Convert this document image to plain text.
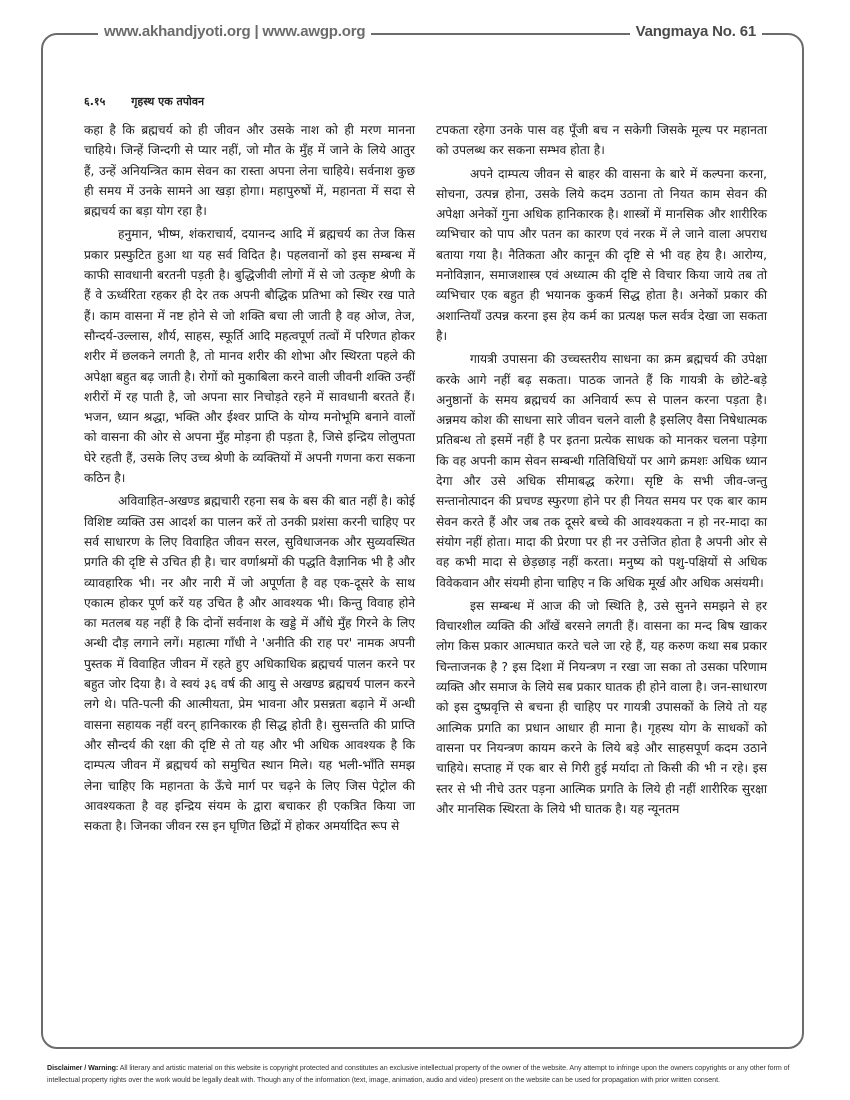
www.akhandjyoti.org | www.awgp.org	Vangmaya No. 61
६.१५ गृहस्थ एक तपोवन

कहा है कि ब्रह्मचर्य को ही जीवन और उसके नाश को ही मरण मानना चाहिये। जिन्हें जिन्दगी से प्यार नहीं, जो मौत के मुँह में जाने के लिये आतुर हैं, उन्हें अनियन्त्रित काम सेवन का रास्ता अपना लेना चाहिये। सर्वनाश कुछ ही समय में उनके सामने आ खड़ा होगा। महापुरुषों में, महानता में सदा से ब्रह्मचर्य का बड़ा योग रहा है।

हनुमान, भीष्म, शंकराचार्य, दयानन्द आदि में ब्रह्मचर्य का तेज किस प्रकार प्रस्फुटित हुआ था यह सर्व विदित है। पहलवानों को इस सम्बन्ध में काफी सावधानी बरतनी पड़ती है। बुद्धिजीवी लोगों में से जो उत्कृष्ट श्रेणी के हैं वे ऊर्ध्वरिता रहकर ही देर तक अपनी बौद्धिक प्रतिभा को स्थिर रख पाते हैं। काम वासना में नष्ट होने से जो शक्ति बचा ली जाती है वह ओज, तेज, सौन्दर्य-उल्लास, शौर्य, साहस, स्फूर्ति आदि महत्वपूर्ण तत्वों में परिणत होकर शरीर में छलकने लगती है, तो मानव शरीर की शोभा और स्थिरता पहले की अपेक्षा बहुत बढ़ जाती है। रोगों को मुकाबिला करने वाली जीवनी शक्ति उन्हीं शरीरों में रह पाती है, जो अपना सार निचोड़ते रहने में सावधानी बरतते हैं। भजन, ध्यान श्रद्धा, भक्ति और ईश्वर प्राप्ति के योग्य मनोभूमि बनाने वालों को वासना की ओर से अपना मुँह मोड़ना ही पड़ता है, जिसे इन्द्रिय लोलुपता घेरे रहती हैं, उसके लिए उच्च श्रेणी के व्यक्तियों में अपनी गणना करा सकना कठिन है।

अविवाहित-अखण्ड ब्रह्मचारी रहना सब के बस की बात नहीं है। कोई विशिष्ट व्यक्ति उस आदर्श का पालन करें तो उनकी प्रशंसा करनी चाहिए पर सर्व साधारण के लिए विवाहित जीवन सरल, सुविधाजनक और सुव्यवस्थित प्रगति की दृष्टि से उचित ही है। चार वर्णाश्रमों की पद्धति वैज्ञानिक भी है और व्यावहारिक भी। नर और नारी में जो अपूर्णता है वह एक-दूसरे के साथ एकात्म होकर पूर्ण करें यह उचित है और आवश्यक भी। किन्तु विवाह होने का मतलब यह नहीं है कि दोनों सर्वनाश के खड्डे में औंधे मुँह गिरने के लिए अन्धी दौड़ लगाने लगें। महात्मा गाँधी ने 'अनीति की राह पर' नामक अपनी पुस्तक में विवाहित जीवन में रहते हुए अधिकाधिक ब्रह्मचर्य पालन करने पर बहुत जोर दिया है। वे स्वयं ३६ वर्ष की आयु से अखण्ड ब्रह्मचर्य पालन करने लगे थे। पति-पत्नी की आत्मीयता, प्रेम भावना और प्रसन्नता बढ़ाने में अन्धी वासना सहायक नहीं वरन् हानिकारक ही सिद्ध होती है। सुसन्तति की प्राप्ति और सौन्दर्य की रक्षा की दृष्टि से तो यह और भी अधिक आवश्यक है कि दाम्पत्य जीवन में ब्रह्मचर्य को समुचित स्थान मिले। यह भली-भाँति समझ लेना चाहिए कि महानता के ऊँचे मार्ग पर चढ़ने के लिए जिस पेट्रोल की आवश्यकता है वह इन्द्रिय संयम के द्वारा बचाकर ही एकत्रित किया जा सकता है। जिनका जीवन रस इन घृणित छिद्रों में होकर अमर्यादित रूप से

टपकता रहेगा उनके पास वह पूँजी बच न सकेगी जिसके मूल्य पर महानता को उपलब्ध कर सकना सम्भव होता है।

अपने दाम्पत्य जीवन से बाहर की वासना के बारे में कल्पना करना, सोचना, उत्पन्न होना, उसके लिये कदम उठाना तो नियत काम सेवन की अपेक्षा अनेकों गुना अधिक हानिकारक है। शास्त्रों में मानसिक और शारीरिक व्यभिचार को पाप और पतन का कारण एवं नरक में ले जाने वाला अपराध बताया गया है। नैतिकता और कानून की दृष्टि से भी वह हेय है। आरोग्य, मनोविज्ञान, समाजशास्त्र एवं अध्यात्म की दृष्टि से विचार किया जाये तब तो व्यभिचार एक बहुत ही भयानक कुकर्म सिद्ध होता है। अनेकों प्रकार की अशान्तियाँ उत्पन्न करना इस हेय कर्म का प्रत्यक्ष फल सर्वत्र देखा जा सकता है।

गायत्री उपासना की उच्चस्तरीय साधना का क्रम ब्रह्मचर्य की उपेक्षा करके आगे नहीं बढ़ सकता। पाठक जानते हैं कि गायत्री के छोटे-बड़े अनुष्ठानों के समय ब्रह्मचर्य का अनिवार्य रूप से पालन करना पड़ता है। अन्नमय कोश की साधना सारे जीवन चलने वाली है इसलिए वैसा निषेधात्मक प्रतिबन्ध तो इसमें नहीं है पर इतना प्रत्येक साधक को मानकर चलना पड़ेगा कि वह अपनी काम सेवन सम्बन्धी गतिविधियों पर आगे क्रमशः अधिक ध्यान देगा और उसे अधिक सीमाबद्ध करेगा। सृष्टि के सभी जीव-जन्तु सन्तानोत्पादन की प्रचण्ड स्फुरणा होने पर ही नियत समय पर एक बार काम सेवन करते हैं और जब तक दूसरे बच्चे की आवश्यकता न हो नर-मादा का संयोग नहीं होता। मादा की प्रेरणा पर ही नर उत्तेजित होता है अपनी ओर से वह कभी मादा से छेड़छाड़ नहीं करता। मनुष्य को पशु-पक्षियों से अधिक विवेकवान और संयमी होना चाहिए न कि अधिक मूर्ख और अधिक असंयमी।

इस सम्बन्ध में आज की जो स्थिति है, उसे सुनने समझने से हर विचारशील व्यक्ति की आँखें बरसने लगती हैं। वासना का मन्द बिष खाकर लोग किस प्रकार आत्मघात करते चले जा रहे हैं, यह करुण कथा सब प्रकार चिन्ताजनक है ? इस दिशा में नियन्त्रण न रखा जा सका तो उसका परिणाम व्यक्ति और समाज के लिये सब प्रकार घातक ही होने वाला है। जन-साधारण को इस दुष्प्रवृत्ति से बचना ही चाहिए पर गायत्री उपासकों के लिये तो यह आत्मिक प्रगति का प्रधान आधार ही माना है। गृहस्थ योग के साधकों को वासना पर नियन्त्रण कायम करने के लिये बड़े और साहसपूर्ण कदम उठाने चाहिये। सप्ताह में एक बार से गिरी हुई मर्यादा तो किसी की भी न रहे। इस स्तर से भी नीचे उतर पड़ना आत्मिक प्रगति के लिये ही नहीं शारीरिक सुरक्षा और मानसिक स्थिरता के लिये भी घातक है। यह न्यूनतम

Disclaimer / Warning: All literary and artistic material on this website is copyright protected and constitutes an exclusive intellectual property of the owner of the website. Any attempt to infringe upon the owners copyrights or any other form of intellectual property rights over the work would be legally dealt with. Though any of the information (text, image, animation, audio and video) present on the website can be used for propagation with prior written consent.
